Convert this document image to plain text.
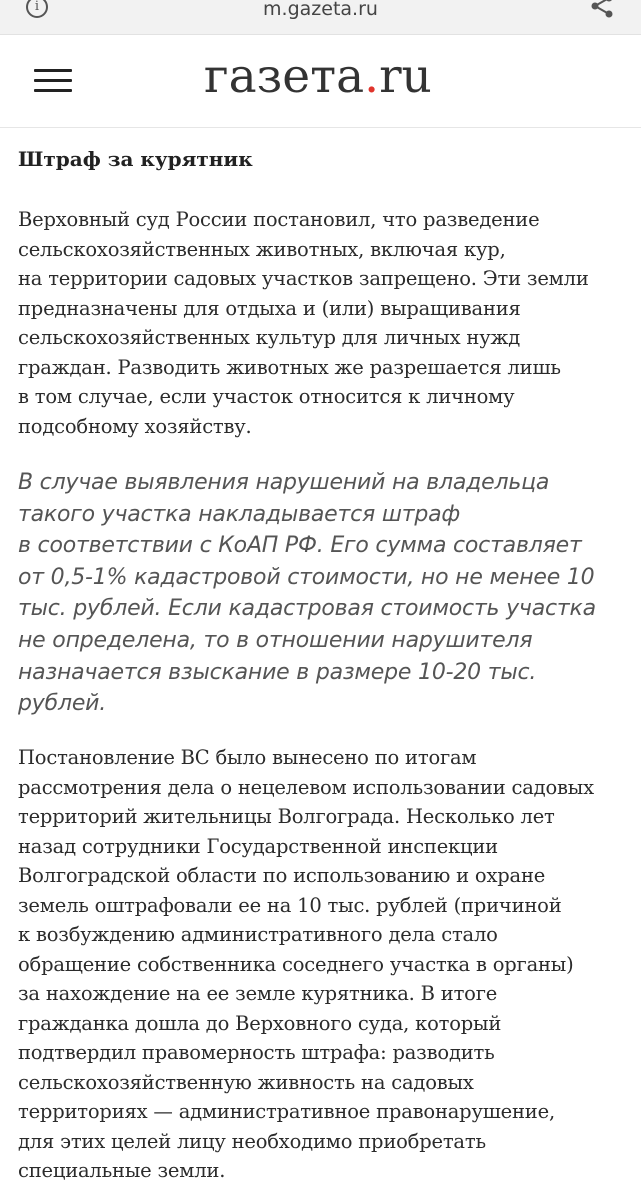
i	m.gazeta.ru
газета.ru
Штраф за курятник

Верховный суд России постановил, что разведение
сельскохозяйственных животных, включая кур,
на территории садовых участков запрещено. Эти земли
предназначены для отдыха и (или) выращивания
сельскохозяйственных культур для личных нужд
граждан. Разводить животных же разрешается лишь
в том случае, если участок относится к личному
подсобному хозяйству.

В случае выявления нарушений на владельца
такого участка накладывается штраф
в соответствии с КоАП РФ. Его сумма составляет
от 0,5-1% кадастровой стоимости, но не менее 10
тыс. рублей. Если кадастровая стоимость участка
не определена, то в отношении нарушителя
назначается взыскание в размере 10-20 тыс.
рублей.

Постановление ВС было вынесено по итогам
рассмотрения дела о нецелевом использовании садовых
территорий жительницы Волгограда. Несколько лет
назад сотрудники Государственной инспекции
Волгоградской области по использованию и охране
земель оштрафовали ее на 10 тыс. рублей (причиной
к возбуждению административного дела стало
обращение собственника соседнего участка в органы)
за нахождение на ее земле курятника. В итоге
гражданка дошла до Верховного суда, который
подтвердил правомерность штрафа: разводить
сельскохозяйственную живность на садовых
территориях — административное правонарушение,
для этих целей лицу необходимо приобретать
специальные земли.
